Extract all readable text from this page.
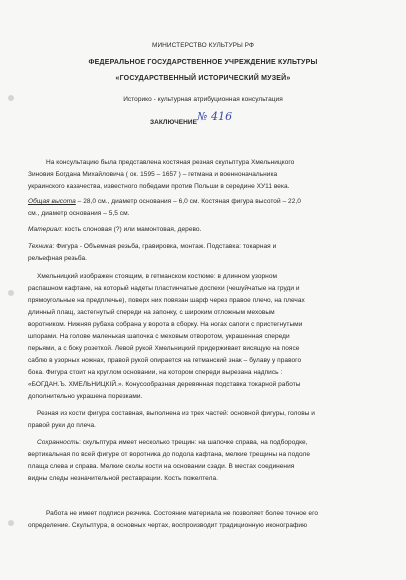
МИНИСТЕРСТВО КУЛЬТУРЫ РФ
ФЕДЕРАЛЬНОЕ ГОСУДАРСТВЕННОЕ УЧРЕЖДЕНИЕ КУЛЬТУРЫ
«ГОСУДАРСТВЕННЫЙ ИСТОРИЧЕСКИЙ МУЗЕЙ»
Историко - культурная атрибуционная консультация
ЗАКЛЮЧЕНИЕ № 416
На консультацию была представлена костяная резная скульптура Хмельницкого
Зиновия Богдана Михайловича ( ок. 1595 – 1657 ) – гетмана и военноначальника
украинского казачества, известного победами против Польши в середине XУ11 века.
Общая высота – 28,0 см., диаметр основания – 6,0 см. Костяная фигура высотой – 22,0
см., диаметр основания – 5,5 см.
Материал: кость слоновая (?) или мамонтовая, дерево.
Техника: Фигура - Объемная резьба, гравировка, монтаж. Подставка: токарная и
рельефная резьба.
Хмельницкий изображен стоящим, в гетманском костюме: в длинном узорном
распашном кафтане, на который надеты пластинчатые доспехи (чешуйчатые на груди и
прямоугольные на предплечье), поверх них повязан шарф через правое плечо, на плечах
длинный плащ, застегнутый спереди на запонку, с широким отложным меховым
воротником. Нижняя рубаха собрана у ворота в сборку. На ногах сапоги с пристегнутыми
шпорами. На голове маленькая шапочка с меховым отворотом, украшенная спереди
перьями, а с боку розеткой. Левой рукой Хмельницкий придерживает висящую на поясе
саблю в узорных ножнах, правой рукой опирается на гетманский знак – булаву у правого
бока. Фигура стоит на круглом основании, на котором спереди вырезана надпись :
«БОГДАН.Ъ. ХМЕЛЬНИЦКIЙ.». Конусообразная деревянная подставка токарной работы
дополнительно украшена порезками.
Резная из кости фигура составная, выполнена из трех частей: основной фигуры, головы и
правой руки до плеча.
Сохранность: скульптура имеет несколько трещин: на шапочке справа, на подбородке,
вертикальная по всей фигуре от воротника до подола кафтана, мелкие трещины на подоле
плаща слева и справа. Мелкие сколы кости на основании сзади. В местах соединения
видны следы незначительной реставрации. Кость пожелтела.
Работа не имеет подписи резчика. Состояние материала не позволяет более точное его
определение. Скульптура, в основных чертах, воспроизводит традиционную иконографию
